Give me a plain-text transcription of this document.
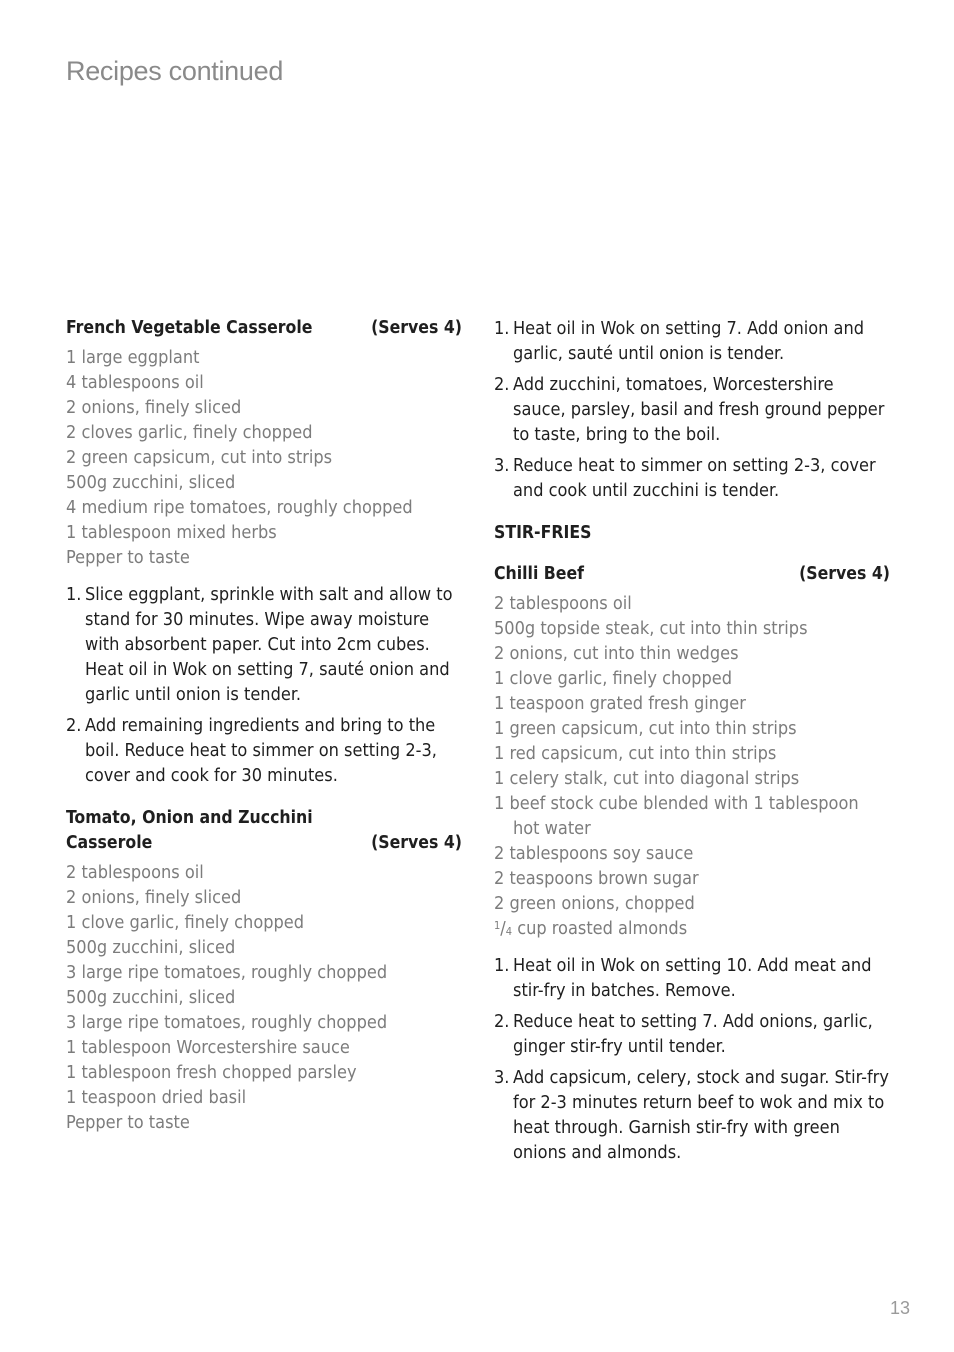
Recipes continued
French Vegetable Casserole	(Serves 4)
1 large eggplant
4 tablespoons oil
2 onions, finely sliced
2 cloves garlic, finely chopped
2 green capsicum, cut into strips
500g zucchini, sliced
4 medium ripe tomatoes, roughly chopped
1 tablespoon mixed herbs
Pepper to taste
1. Slice eggplant, sprinkle with salt and allow to stand for 30 minutes. Wipe away moisture with absorbent paper. Cut into 2cm cubes. Heat oil in Wok on setting 7, sauté onion and garlic until onion is tender.
2. Add remaining ingredients and bring to the boil. Reduce heat to simmer on setting 2-3, cover and cook for 30 minutes.
Tomato, Onion and Zucchini Casserole	(Serves 4)
2 tablespoons oil
2 onions, finely sliced
1 clove garlic, finely chopped
500g zucchini, sliced
3 large ripe tomatoes, roughly chopped
500g zucchini, sliced
3 large ripe tomatoes, roughly chopped
1 tablespoon Worcestershire sauce
1 tablespoon fresh chopped parsley
1 teaspoon dried basil
Pepper to taste
1. Heat oil in Wok on setting 7. Add onion and garlic, sauté until onion is tender.
2. Add zucchini, tomatoes, Worcestershire sauce, parsley, basil and fresh ground pepper to taste, bring to the boil.
3. Reduce heat to simmer on setting 2-3, cover and cook until zucchini is tender.
STIR-FRIES
Chilli Beef	(Serves 4)
2 tablespoons oil
500g topside steak, cut into thin strips
2 onions, cut into thin wedges
1 clove garlic, finely chopped
1 teaspoon grated fresh ginger
1 green capsicum, cut into thin strips
1 red capsicum, cut into thin strips
1 celery stalk, cut into diagonal strips
1 beef stock cube blended with 1 tablespoon hot water
2 tablespoons soy sauce
2 teaspoons brown sugar
2 green onions, chopped
$^1$/4 cup roasted almonds
1. Heat oil in Wok on setting 10. Add meat and stir-fry in batches. Remove.
2. Reduce heat to setting 7. Add onions, garlic, ginger stir-fry until tender.
3. Add capsicum, celery, stock and sugar. Stir-fry for 2-3 minutes return beef to wok and mix to heat through. Garnish stir-fry with green onions and almonds.
13
